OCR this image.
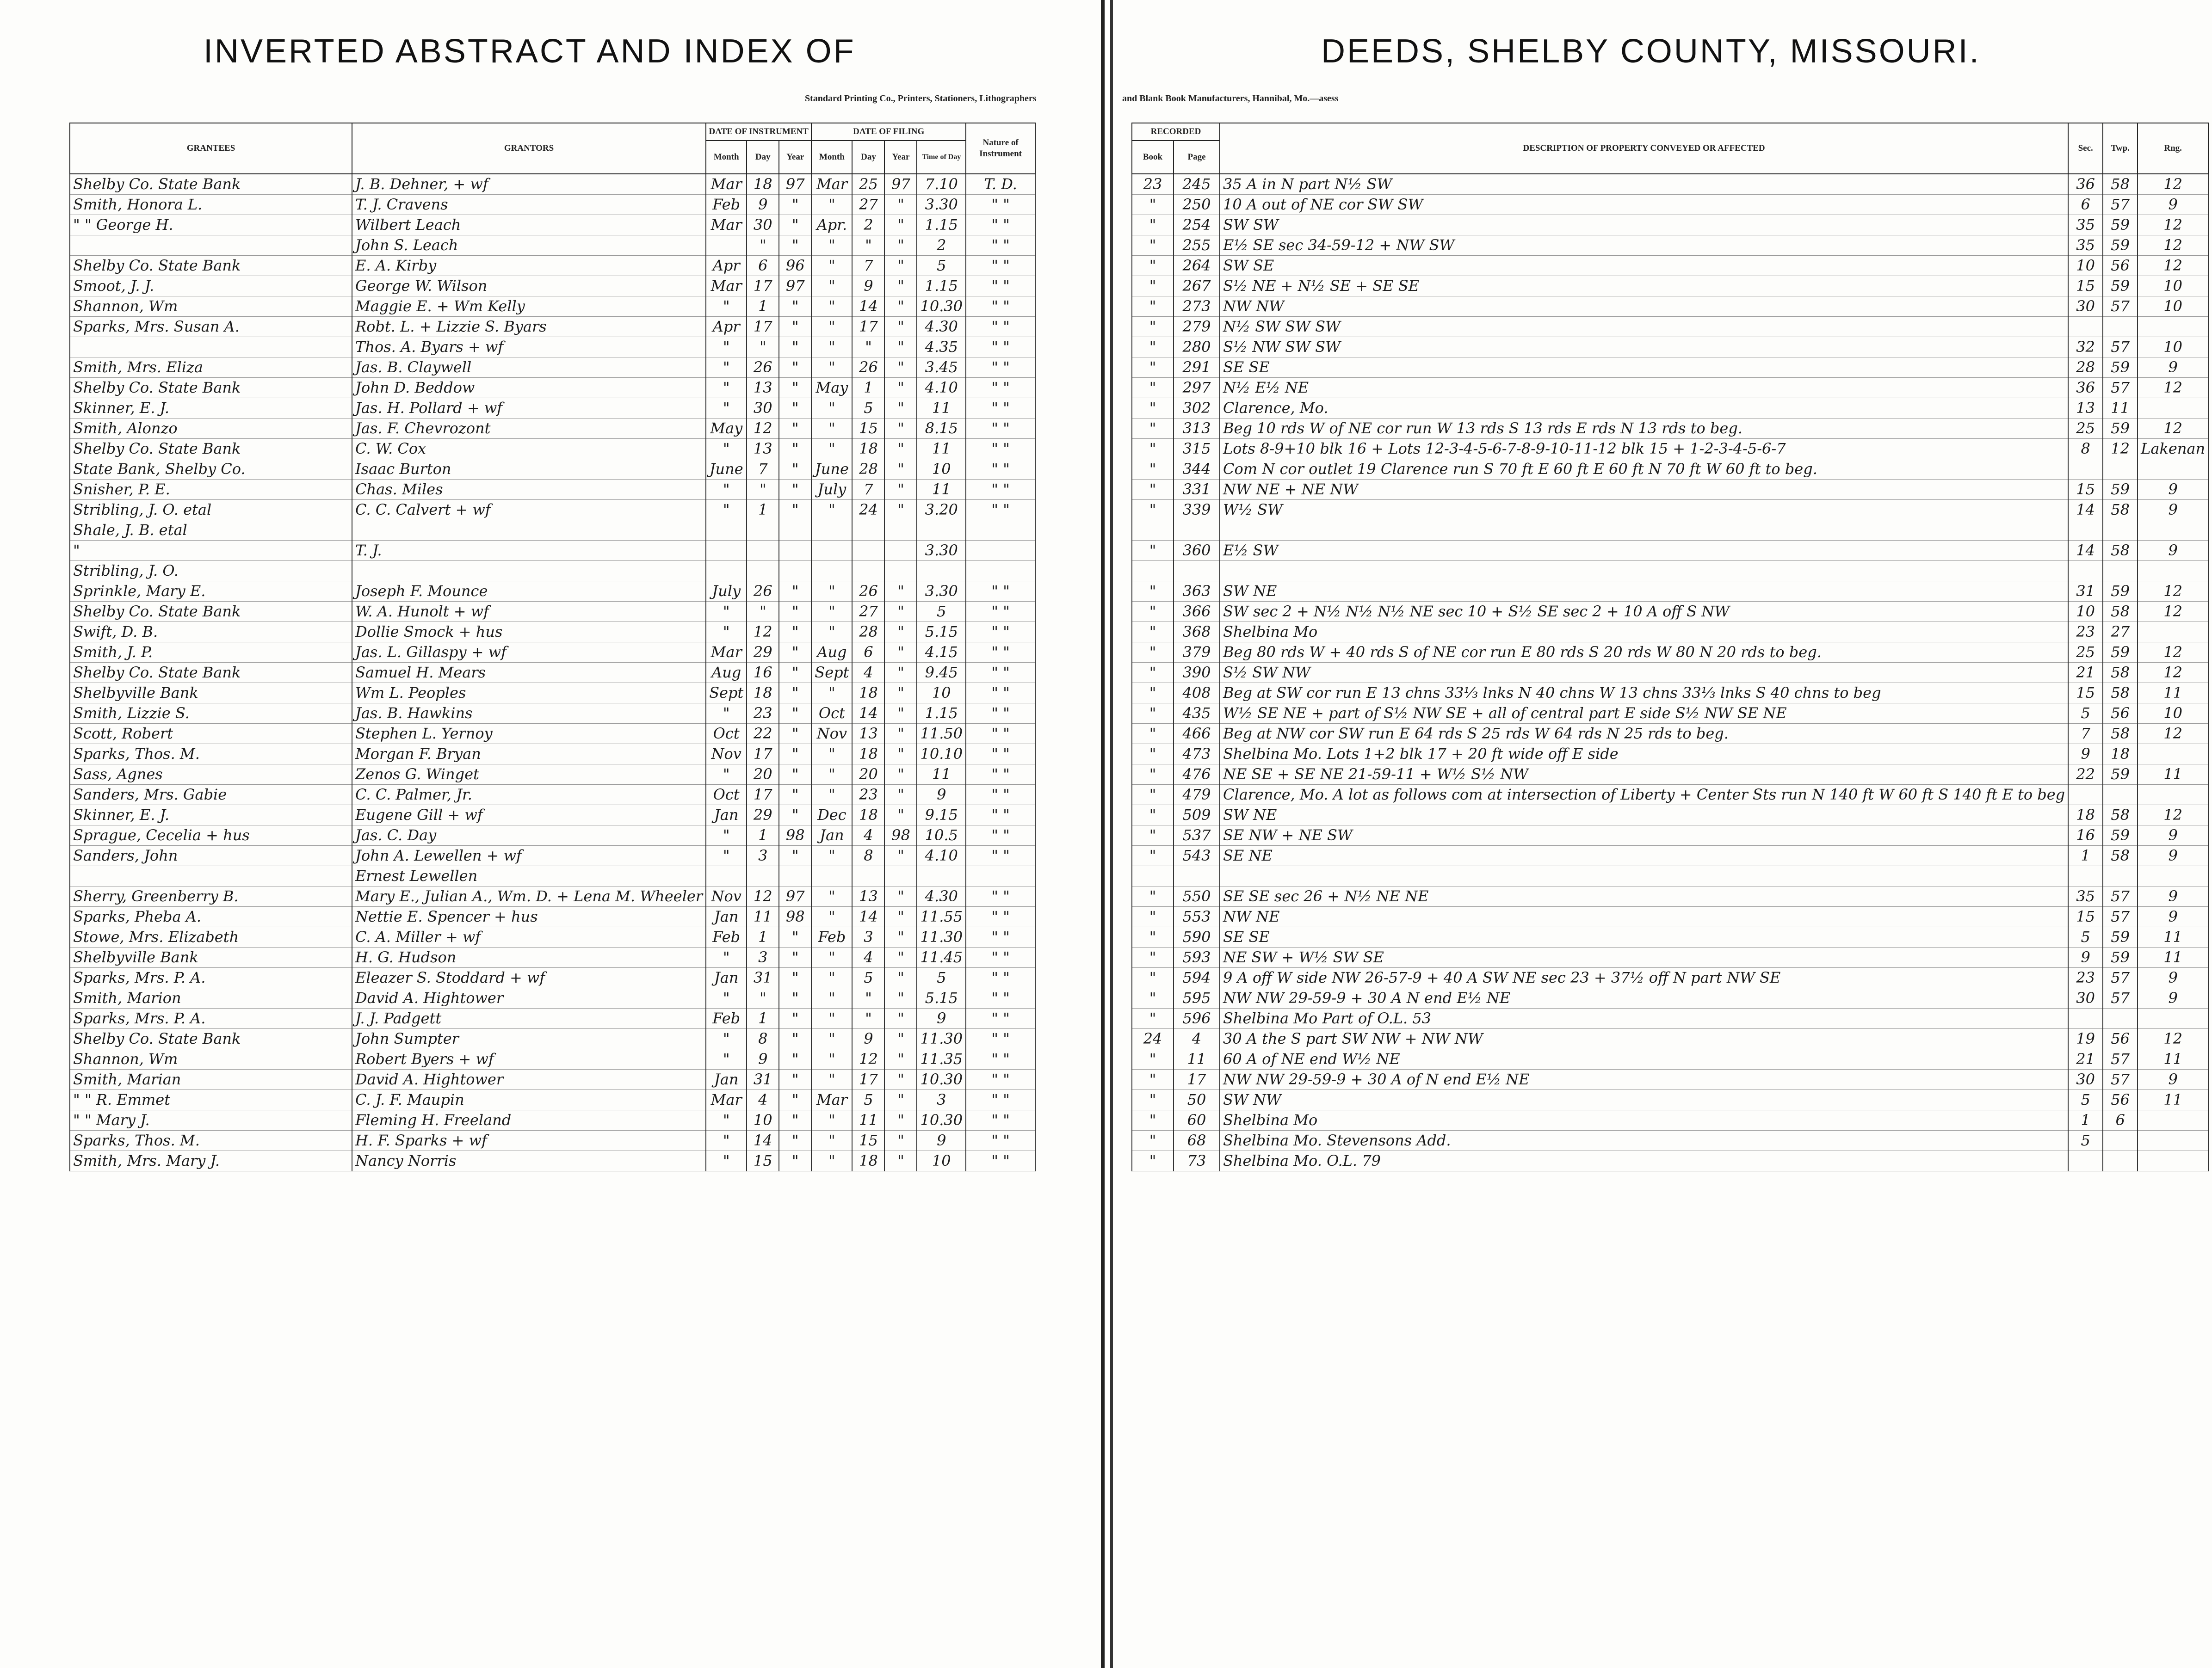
INVERTED ABSTRACT AND INDEX OF
Standard Printing Co., Printers, Stationers, Lithographers
GRANTEES	GRANTORS	DATE OF INSTRUMENT			DATE OF FILING				Nature of Instrument
		Month	Day	Year	Month	Day	Year	Time of Day	
Shelby Co. State Bank	J. B. Dehner, + wf	Mar	18	97	Mar	25	97	7.10	T. D.
Smith, Honora L.	T. J. Cravens	Feb	9	"	"	27	"	3.30	" "
" " George H.	Wilbert Leach	Mar	30	"	Apr.	2	"	1.15	" "
	John S. Leach		"	"	"	"	"	2	" "
Shelby Co. State Bank	E. A. Kirby	Apr	6	96	"	7	"	5	" "
Smoot, J. J.	George W. Wilson	Mar	17	97	"	9	"	1.15	" "
Shannon, Wm	Maggie E. + Wm Kelly	"	1	"	"	14	"	10.30	" "
Sparks, Mrs. Susan A.	Robt. L. + Lizzie S. Byars	Apr	17	"	"	17	"	4.30	" "
	Thos. A. Byars + wf	"	"	"	"	"	"	4.35	" "
Smith, Mrs. Eliza	Jas. B. Claywell	"	26	"	"	26	"	3.45	" "
Shelby Co. State Bank	John D. Beddow	"	13	"	May	1	"	4.10	" "
Skinner, E. J.	Jas. H. Pollard + wf	"	30	"	"	5	"	11	" "
Smith, Alonzo	Jas. F. Chevrozont	May	12	"	"	15	"	8.15	" "
Shelby Co. State Bank	C. W. Cox	"	13	"	"	18	"	11	" "
State Bank, Shelby Co.	Isaac Burton	June	7	"	June	28	"	10	" "
Snisher, P. E.	Chas. Miles	"	"	"	July	7	"	11	" "
Stribling, J. O. etal	C. C. Calvert + wf	"	1	"	"	24	"	3.20	" "
Shale, J. B. etal									
"	T. J.							3.30	
Stribling, J. O.									
Sprinkle, Mary E.	Joseph F. Mounce	July	26	"	"	26	"	3.30	" "
Shelby Co. State Bank	W. A. Hunolt + wf	"	"	"	"	27	"	5	" "
Swift, D. B.	Dollie Smock + hus	"	12	"	"	28	"	5.15	" "
Smith, J. P.	Jas. L. Gillaspy + wf	Mar	29	"	Aug	6	"	4.15	" "
Shelby Co. State Bank	Samuel H. Mears	Aug	16	"	Sept	4	"	9.45	" "
Shelbyville Bank	Wm L. Peoples	Sept	18	"	"	18	"	10	" "
Smith, Lizzie S.	Jas. B. Hawkins	"	23	"	Oct	14	"	1.15	" "
Scott, Robert	Stephen L. Yernoy	Oct	22	"	Nov	13	"	11.50	" "
Sparks, Thos. M.	Morgan F. Bryan	Nov	17	"	"	18	"	10.10	" "
Sass, Agnes	Zenos G. Winget	"	20	"	"	20	"	11	" "
Sanders, Mrs. Gabie	C. C. Palmer, Jr.	Oct	17	"	"	23	"	9	" "
Skinner, E. J.	Eugene Gill + wf	Jan	29	"	Dec	18	"	9.15	" "
Sprague, Cecelia + hus	Jas. C. Day	"	1	98	Jan	4	98	10.5	" "
Sanders, John	John A. Lewellen + wf	"	3	"	"	8	"	4.10	" "
	Ernest Lewellen								
Sherry, Greenberry B.	Mary E., Julian A., Wm. D. + Lena M. Wheeler	Nov	12	97	"	13	"	4.30	" "
Sparks, Pheba A.	Nettie E. Spencer + hus	Jan	11	98	"	14	"	11.55	" "
Stowe, Mrs. Elizabeth	C. A. Miller + wf	Feb	1	"	Feb	3	"	11.30	" "
Shelbyville Bank	H. G. Hudson	"	3	"	"	4	"	11.45	" "
Sparks, Mrs. P. A.	Eleazer S. Stoddard + wf	Jan	31	"	"	5	"	5	" "
Smith, Marion	David A. Hightower	"	"	"	"	"	"	5.15	" "
Sparks, Mrs. P. A.	J. J. Padgett	Feb	1	"	"	"	"	9	" "
Shelby Co. State Bank	John Sumpter	"	8	"	"	9	"	11.30	" "
Shannon, Wm	Robert Byers + wf	"	9	"	"	12	"	11.35	" "
Smith, Marian	David A. Hightower	Jan	31	"	"	17	"	10.30	" "
" " R. Emmet	C. J. F. Maupin	Mar	4	"	Mar	5	"	3	" "
" " Mary J.	Fleming H. Freeland	"	10	"	"	11	"	10.30	" "
Sparks, Thos. M.	H. F. Sparks + wf	"	14	"	"	15	"	9	" "
Smith, Mrs. Mary J.	Nancy Norris	"	15	"	"	18	"	10	" "
DEEDS, SHELBY COUNTY, MISSOURI.
and Blank Book Manufacturers, Hannibal, Mo.—asess
RECORDED		DESCRIPTION OF PROPERTY CONVEYED OR AFFECTED	Sec.	Twp.	Rng.
Book	Page				
23	245	35 A in N part N½ SW	36	58	12
"	250	10 A out of NE cor SW SW	6	57	9
"	254	SW SW	35	59	12
"	255	E½ SE sec 34-59-12 + NW SW	35	59	12
"	264	SW SE	10	56	12
"	267	S½ NE + N½ SE + SE SE	15	59	10
"	273	NW NW	30	57	10
"	279	N½ SW SW SW			
"	280	S½ NW SW SW	32	57	10
"	291	SE SE	28	59	9
"	297	N½ E½ NE	36	57	12
"	302	Clarence, Mo.	13	11	
"	313	Beg 10 rds W of NE cor run W 13 rds S 13 rds E rds N 13 rds to beg.	25	59	12
"	315	Lots 8-9+10 blk 16 + Lots 12-3-4-5-6-7-8-9-10-11-12 blk 15 + 1-2-3-4-5-6-7	8	12	Lakenan
"	344	Com N cor outlet 19 Clarence run S 70 ft E 60 ft E 60 ft N 70 ft W 60 ft to beg.			
"	331	NW NE + NE NW	15	59	9
"	339	W½ SW	14	58	9

"	360	E½ SW	14	58	9

"	363	SW NE	31	59	12
"	366	SW sec 2 + N½ N½ N½ NE sec 10 + S½ SE sec 2 + 10 A off S NW	10	58	12
"	368	Shelbina Mo	23	27	
"	379	Beg 80 rds W + 40 rds S of NE cor run E 80 rds S 20 rds W 80 N 20 rds to beg.	25	59	12
"	390	S½ SW NW	21	58	12
"	408	Beg at SW cor run E 13 chns 33⅓ lnks N 40 chns W 13 chns 33⅓ lnks S 40 chns to beg	15	58	11
"	435	W½ SE NE + part of S½ NW SE + all of central part E side S½ NW SE NE	5	56	10
"	466	Beg at NW cor SW run E 64 rds S 25 rds W 64 rds N 25 rds to beg.	7	58	12
"	473	Shelbina Mo. Lots 1+2 blk 17 + 20 ft wide off E side	9	18	
"	476	NE SE + SE NE 21-59-11 + W½ S½ NW	22	59	11
"	479	Clarence, Mo. A lot as follows com at intersection of Liberty + Center Sts run N 140 ft W 60 ft S 140 ft E to beg			
"	509	SW NE	18	58	12
"	537	SE NW + NE SW	16	59	9
"	543	SE NE	1	58	9

"	550	SE SE sec 26 + N½ NE NE	35	57	9
"	553	NW NE	15	57	9
"	590	SE SE	5	59	11
"	593	NE SW + W½ SW SE	9	59	11
"	594	9 A off W side NW 26-57-9 + 40 A SW NE sec 23 + 37½ off N part NW SE	23	57	9
"	595	NW NW 29-59-9 + 30 A N end E½ NE	30	57	9
"	596	Shelbina Mo Part of O.L. 53			
24	4	30 A the S part SW NW + NW NW	19	56	12
"	11	60 A of NE end W½ NE	21	57	11
"	17	NW NW 29-59-9 + 30 A of N end E½ NE	30	57	9
"	50	SW NW	5	56	11
"	60	Shelbina Mo	1	6	
"	68	Shelbina Mo. Stevensons Add.	5		
"	73	Shelbina Mo. O.L. 79			
